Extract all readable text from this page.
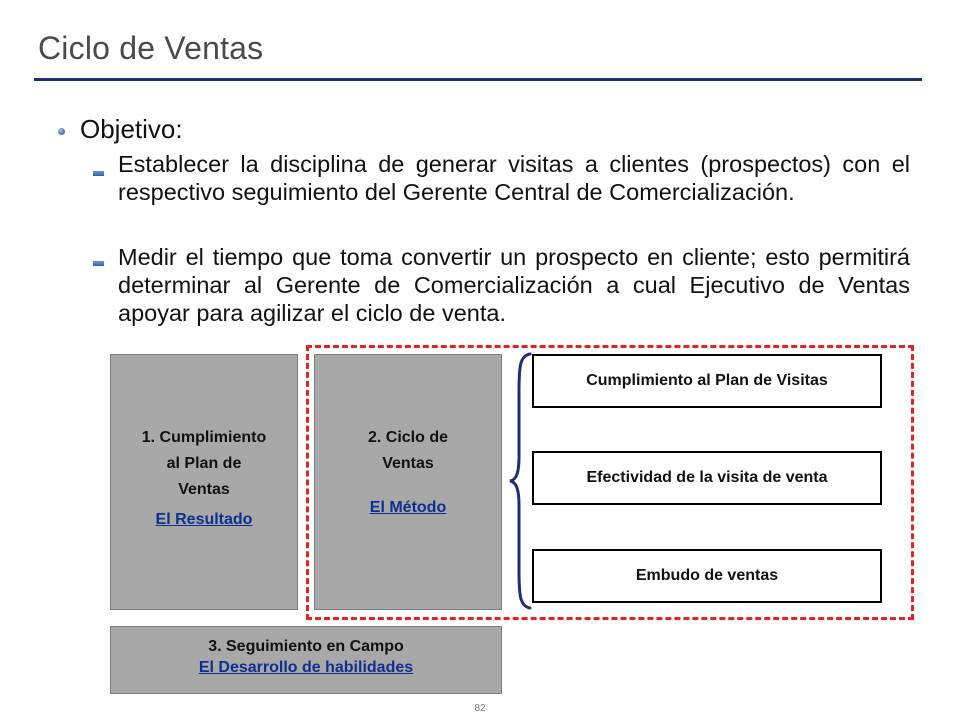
Ciclo de Ventas
Objetivo:
Establecer la disciplina de generar visitas a clientes (prospectos) con el respectivo seguimiento del Gerente Central de Comercialización.
Medir el tiempo que toma convertir un prospecto en cliente; esto permitirá determinar al Gerente de Comercialización a cual Ejecutivo de Ventas apoyar para agilizar el ciclo de venta.
1. Cumplimiento
al Plan de
Ventas
El Resultado
2. Ciclo de
Ventas
El Método
3. Seguimiento en Campo
El Desarrollo de habilidades
Cumplimiento al Plan de Visitas
Efectividad de la visita de venta
Embudo de ventas
82
